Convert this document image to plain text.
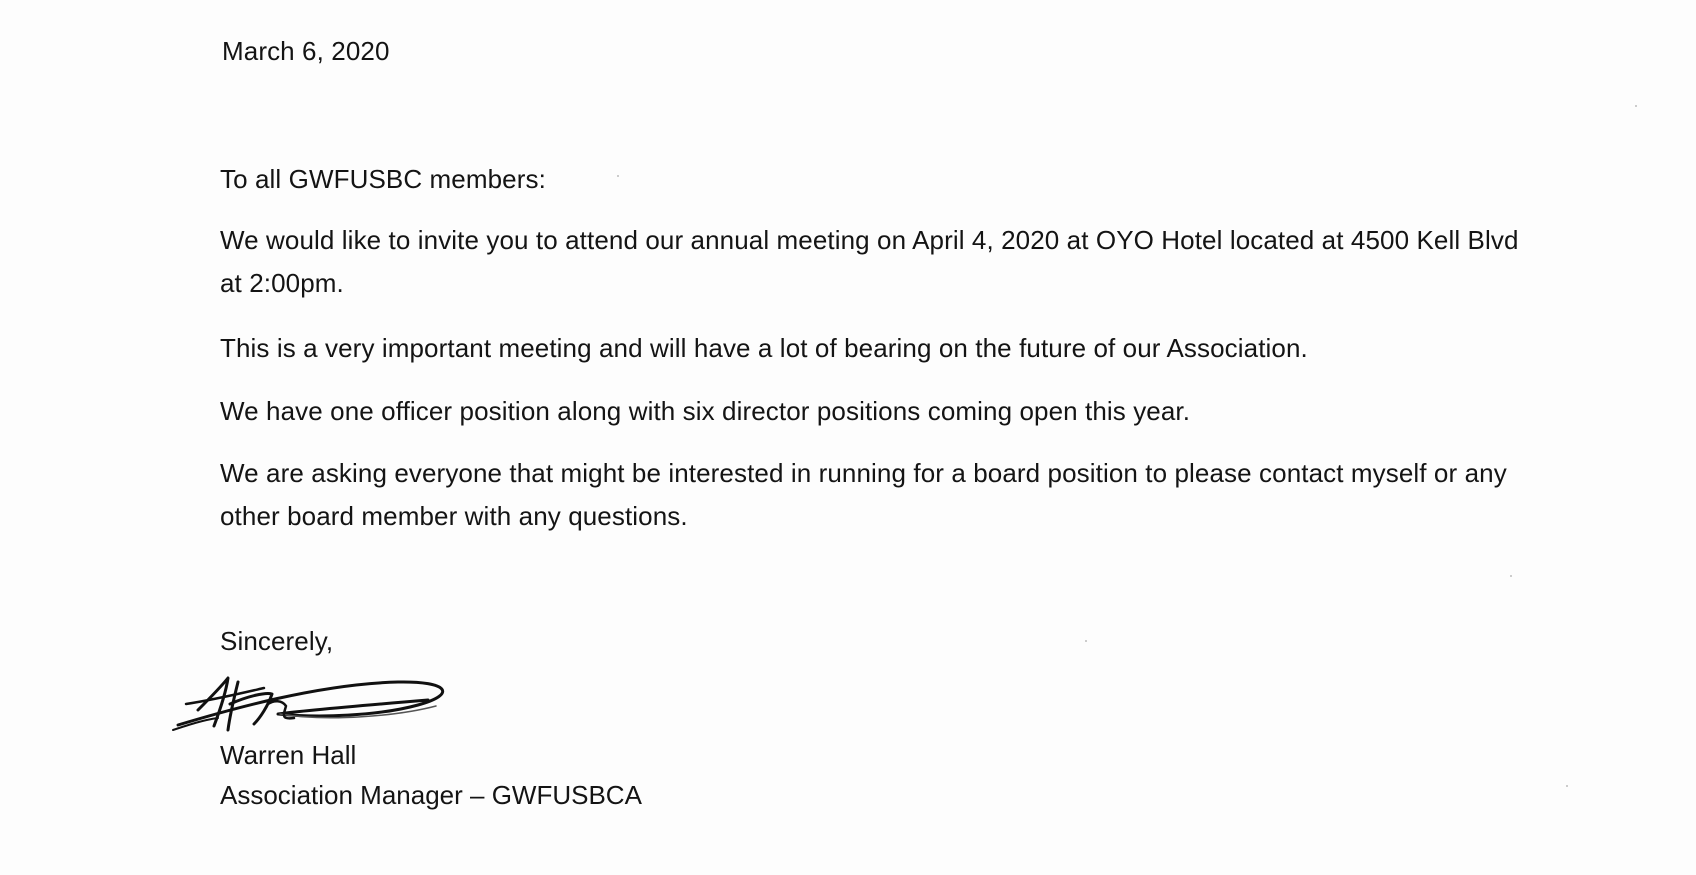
March 6, 2020
To all GWFUSBC members:
We would like to invite you to attend our annual meeting on April 4, 2020 at OYO Hotel located at 4500 Kell Blvd at 2:00pm.
This is a very important meeting and will have a lot of bearing on the future of our Association.
We have one officer position along with six director positions coming open this year.
We are asking everyone that might be interested in running for a board position to please contact myself or any other board member with any questions.
Sincerely,
Warren Hall
Association Manager – GWFUSBCA
